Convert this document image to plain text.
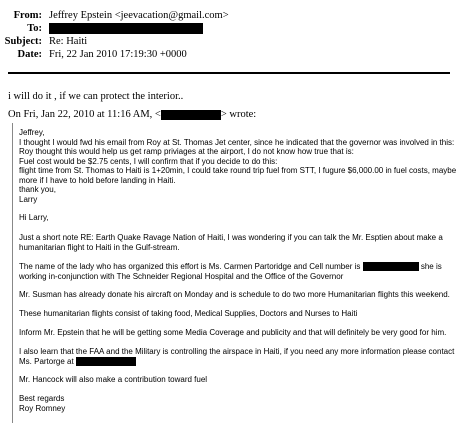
From: Jeffrey Epstein <jeevacation@gmail.com>
To:
Subject: Re: Haiti
Date: Fri, 22 Jan 2010 17:19:30 +0000
i will do it , if we can protect the interior..
On Fri, Jan 22, 2010 at 11:16 AM, <	> wrote:
Jeffrey,
I thought I would fwd his email from Roy at St. Thomas Jet center, since he indicated that the governor was involved in this:
Roy thought this would help us get ramp priviages at the airport, I do not know how true that is:
Fuel cost would be $2.75 cents, I will confirm that if you decide to do this:
flight time from St. Thomas to Haiti is 1+20min, I could take round trip fuel from STT, I fugure $6,000.00 in fuel costs, maybe
more if I have to hold before landing in Haiti.
thank you,
Larry
Hi Larry,
Just a short note RE: Earth Quake Ravage Nation of Haiti, I was wondering if you can talk the Mr. Esptien about make a
humanitarian flight to Haiti in the Gulf-stream.
The name of the lady who has organized this effort is Ms. Carmen Partoridge and Cell number is	she is
working in-conjunction with The Schneider Regional Hospital and the Office of the Governor
Mr. Susman has already donate his aircraft on Monday and is schedule to do two more Humanitarian flights this weekend.
These humanitarian flights consist of taking food, Medical Supplies, Doctors and Nurses to Haiti
Inform Mr. Epstein that he will be getting some Media Coverage and publicity and that will definitely be very good for him.
I also learn that the FAA and the Military is controlling the airspace in Haiti, if you need any more information please contact
Ms. Partorge at
Mr. Hancock will also make a contribution toward fuel
Best regards
Roy Romney
